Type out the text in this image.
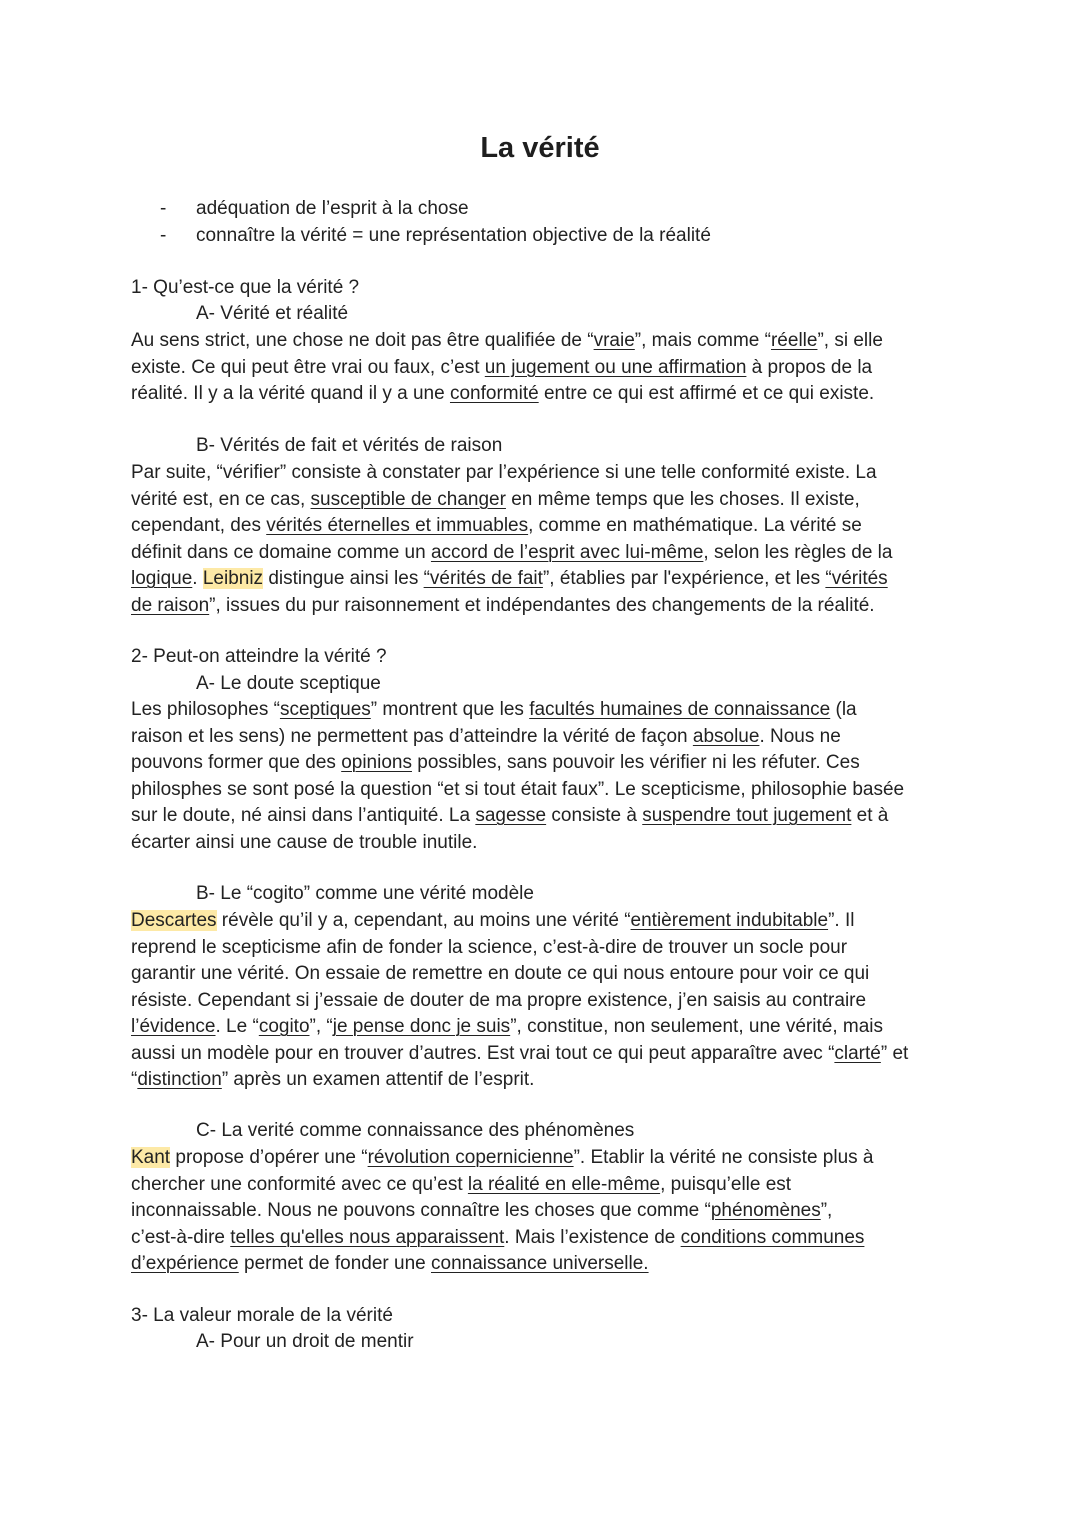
La vérité
- adéquation de l’esprit à la chose
- connaître la vérité = une représentation objective de la réalité

1- Qu’est-ce que la vérité ?

A- Vérité et réalité

Au sens strict, une chose ne doit pas être qualifiée de “vraie”, mais comme “réelle”, si elle
existe. Ce qui peut être vrai ou faux, c’est un jugement ou une affirmation à propos de la
réalité. Il y a la vérité quand il y a une conformité entre ce qui est affirmé et ce qui existe.

B- Vérités de fait et vérités de raison

Par suite, “vérifier” consiste à constater par l’expérience si une telle conformité existe. La
vérité est, en ce cas, susceptible de changer en même temps que les choses. Il existe,
cependant, des vérités éternelles et immuables, comme en mathématique. La vérité se
définit dans ce domaine comme un accord de l’esprit avec lui-même, selon les règles de la
logique. Leibniz distingue ainsi les “vérités de fait”, établies par l'expérience, et les “vérités
de raison”, issues du pur raisonnement et indépendantes des changements de la réalité.

2- Peut-on atteindre la vérité ?

A- Le doute sceptique

Les philosophes “sceptiques” montrent que les facultés humaines de connaissance (la
raison et les sens) ne permettent pas d’atteindre la vérité de façon absolue. Nous ne
pouvons former que des opinions possibles, sans pouvoir les vérifier ni les réfuter. Ces
philosphes se sont posé la question “et si tout était faux”. Le scepticisme, philosophie basée
sur le doute, né ainsi dans l’antiquité. La sagesse consiste à suspendre tout jugement et à
écarter ainsi une cause de trouble inutile.

B- Le “cogito” comme une vérité modèle

Descartes révèle qu’il y a, cependant, au moins une vérité “entièrement indubitable”. Il
reprend le scepticisme afin de fonder la science, c’est-à-dire de trouver un socle pour
garantir une vérité. On essaie de remettre en doute ce qui nous entoure pour voir ce qui
résiste. Cependant si j’essaie de douter de ma propre existence, j’en saisis au contraire
l’évidence. Le “cogito”, “je pense donc je suis”, constitue, non seulement, une vérité, mais
aussi un modèle pour en trouver d’autres. Est vrai tout ce qui peut apparaître avec “clarté” et
“distinction” après un examen attentif de l’esprit.

C- La verité comme connaissance des phénomènes

Kant propose d’opérer une “révolution copernicienne”. Etablir la vérité ne consiste plus à
chercher une conformité avec ce qu’est la réalité en elle-même, puisqu’elle est
inconnaissable. Nous ne pouvons connaître les choses que comme “phénomènes”,
c’est-à-dire telles qu'elles nous apparaissent. Mais l’existence de conditions communes
d’expérience permet de fonder une connaissance universelle.

3- La valeur morale de la vérité

A- Pour un droit de mentir
